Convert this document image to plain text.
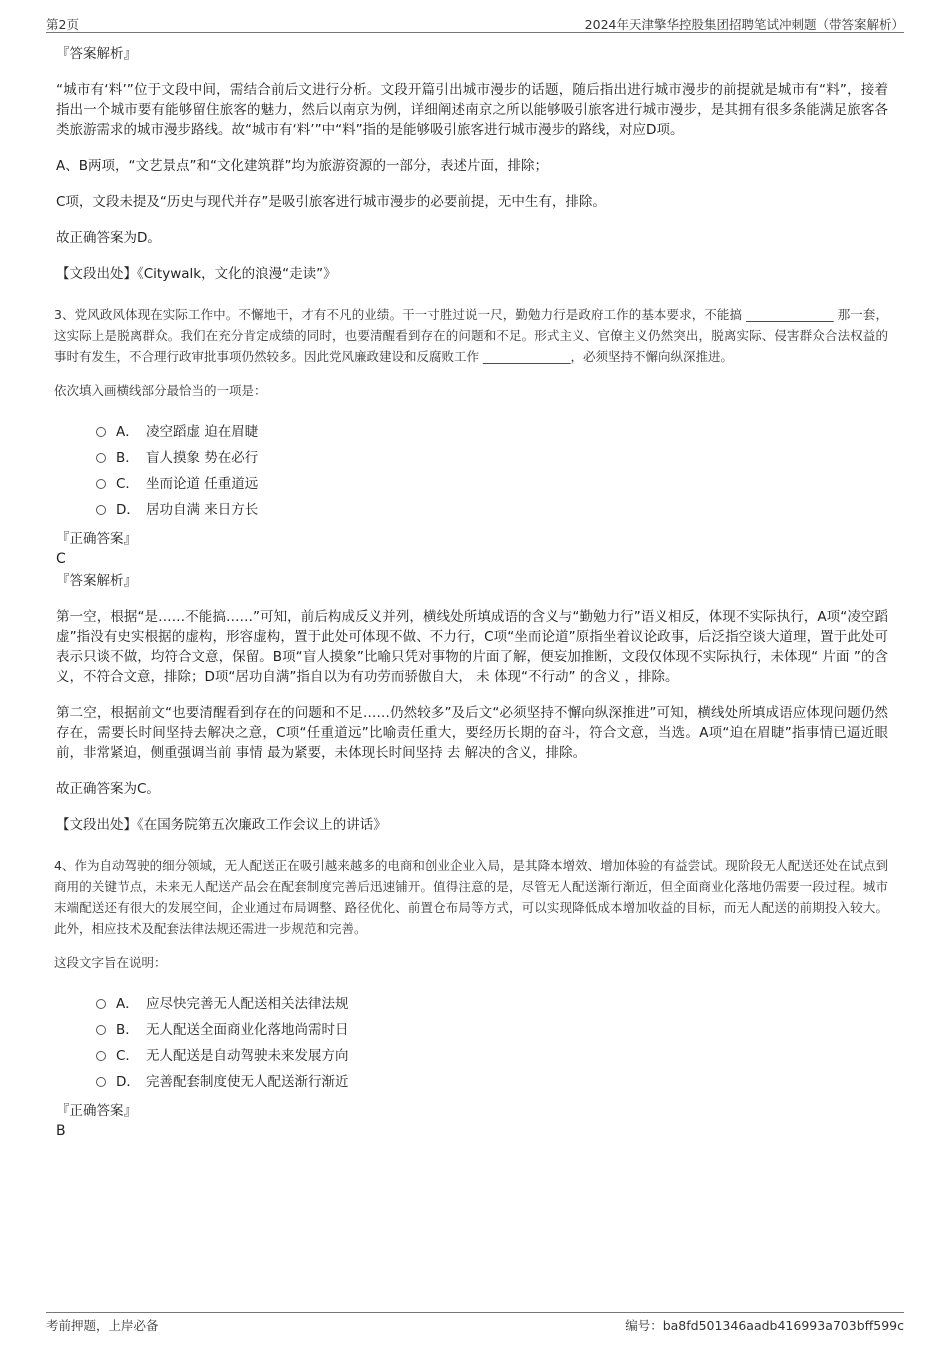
第2页	2024年天津擎华控股集团招聘笔试冲刺题（带答案解析）
『答案解析』

“城市有‘料’”位于文段中间，需结合前后文进行分析。文段开篇引出城市漫步的话题，随后指出进行城市漫步的前提就是城市有“料”，接着指出一个城市要有能够留住旅客的魅力，然后以南京为例，详细阐述南京之所以能够吸引旅客进行城市漫步，是其拥有很多条能满足旅客各类旅游需求的城市漫步路线。故“城市有‘料’”中“料”指的是能够吸引旅客进行城市漫步的路线，对应D项。

A、B两项，“文艺景点”和“文化建筑群”均为旅游资源的一部分，表述片面，排除；

C项，文段未提及“历史与现代并存”是吸引旅客进行城市漫步的必要前提，无中生有，排除。

故正确答案为D。

【文段出处】《Citywalk，文化的浪漫“走读”》

3、党风政风体现在实际工作中。不懈地干，才有不凡的业绩。干一寸胜过说一尺，勤勉力行是政府工作的基本要求，不能搞 ______________ 那一套，这实际上是脱离群众。我们在充分肯定成绩的同时，也要清醒看到存在的问题和不足。形式主义、官僚主义仍然突出，脱离实际、侵害群众合法权益的事时有发生，不合理行政审批事项仍然较多。因此党风廉政建设和反腐败工作 ______________，必须坚持不懈向纵深推进。

依次填入画横线部分最恰当的一项是：

A． 凌空蹈虚 迫在眉睫
B． 盲人摸象 势在必行
C． 坐而论道 任重道远
D． 居功自满 来日方长
『正确答案』
C
『答案解析』

第一空，根据“是……不能搞……”可知，前后构成反义并列，横线处所填成语的含义与“勤勉力行”语义相反，体现不实际执行，A项“凌空蹈虚”指没有史实根据的虚构，形容虚构，置于此处可体现不做、不力行，C项“坐而论道”原指坐着议论政事，后泛指空谈大道理，置于此处可表示只谈不做，均符合文意，保留。B项“盲人摸象”比喻只凭对事物的片面了解，便妄加推断，文段仅体现不实际执行，未体现“ 片面 ”的含义，不符合文意，排除；D项“居功自满”指自以为有功劳而骄傲自大， 未 体现“不行动” 的含义 ，排除。

第二空，根据前文“也要清醒看到存在的问题和不足……仍然较多”及后文“必须坚持不懈向纵深推进”可知，横线处所填成语应体现问题仍然存在，需要长时间坚持去解决之意，C项“任重道远”比喻责任重大，要经历长期的奋斗，符合文意，当选。A项“迫在眉睫”指事情已逼近眼前，非常紧迫，侧重强调当前 事情 最为紧要，未体现长时间坚持 去 解决的含义，排除。

故正确答案为C。

【文段出处】《在国务院第五次廉政工作会议上的讲话》

4、作为自动驾驶的细分领域，无人配送正在吸引越来越多的电商和创业企业入局，是其降本增效、增加体验的有益尝试。现阶段无人配送还处在试点到商用的关键节点，未来无人配送产品会在配套制度完善后迅速铺开。值得注意的是，尽管无人配送渐行渐近，但全面商业化落地仍需要一段过程。城市末端配送还有很大的发展空间，企业通过布局调整、路径优化、前置仓布局等方式，可以实现降低成本增加收益的目标，而无人配送的前期投入较大。此外，相应技术及配套法律法规还需进一步规范和完善。

这段文字旨在说明：

A． 应尽快完善无人配送相关法律法规
B． 无人配送全面商业化落地尚需时日
C． 无人配送是自动驾驶未来发展方向
D． 完善配套制度使无人配送渐行渐近
『正确答案』
B
考前押题，上岸必备	编号：ba8fd501346aadb416993a703bff599c
